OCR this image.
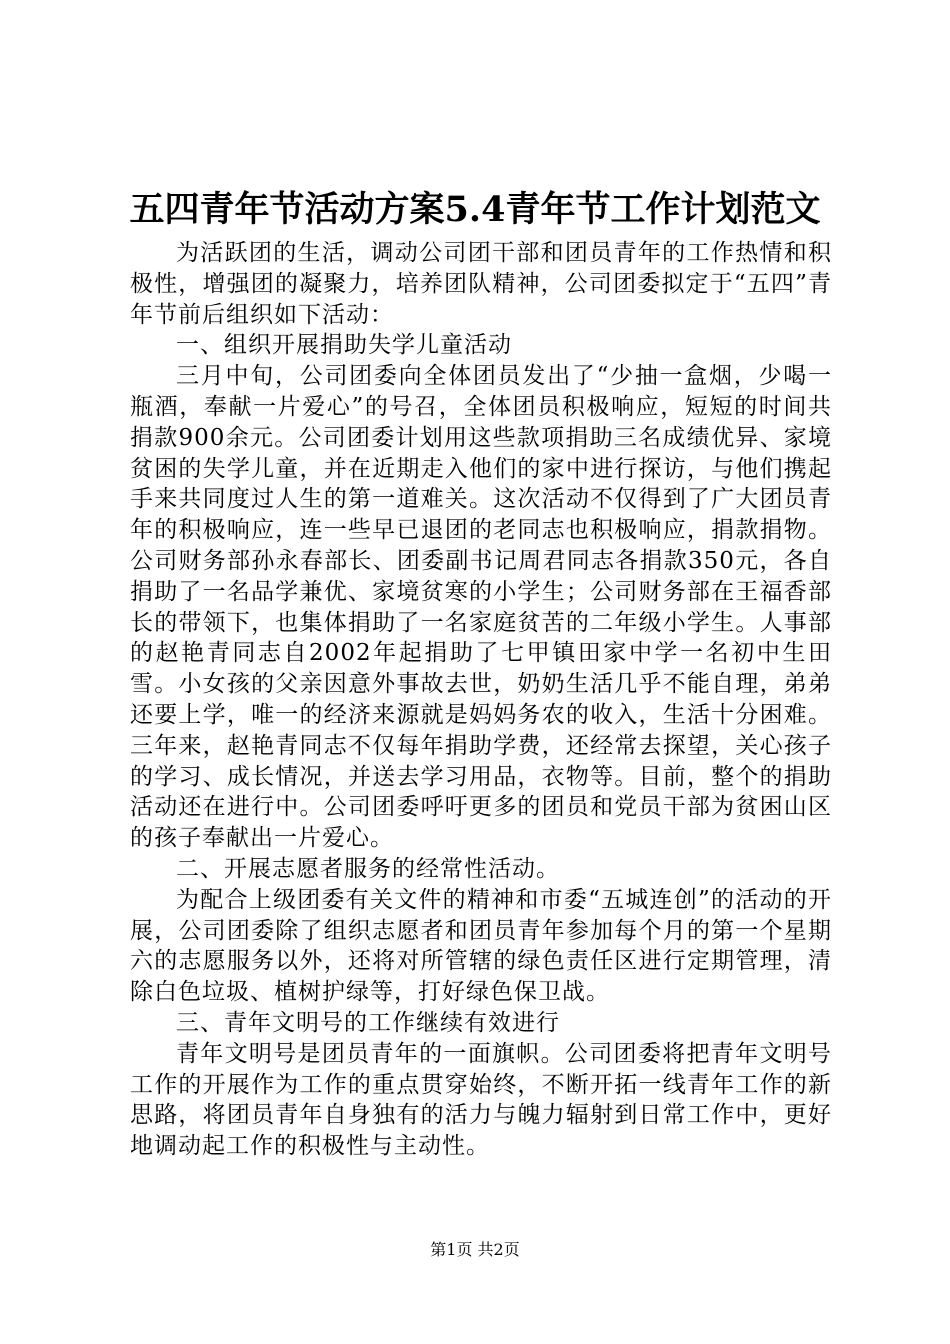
五四青年节活动方案5.4青年节工作计划范文

为活跃团的生活，调动公司团干部和团员青年的工作热情和积极性，增强团的凝聚力，培养团队精神，公司团委拟定于“五四”青年节前后组织如下活动：

一、组织开展捐助失学儿童活动

三月中旬，公司团委向全体团员发出了“少抽一盒烟，少喝一瓶酒，奉献一片爱心”的号召，全体团员积极响应，短短的时间共捐款900余元。公司团委计划用这些款项捐助三名成绩优异、家境贫困的失学儿童，并在近期走入他们的家中进行探访，与他们携起手来共同度过人生的第一道难关。这次活动不仅得到了广大团员青年的积极响应，连一些早已退团的老同志也积极响应，捐款捐物。公司财务部孙永春部长、团委副书记周君同志各捐款350元，各自捐助了一名品学兼优、家境贫寒的小学生；公司财务部在王福香部长的带领下，也集体捐助了一名家庭贫苦的二年级小学生。人事部的赵艳青同志自2002年起捐助了七甲镇田家中学一名初中生田雪。小女孩的父亲因意外事故去世，奶奶生活几乎不能自理，弟弟还要上学，唯一的经济来源就是妈妈务农的收入，生活十分困难。三年来，赵艳青同志不仅每年捐助学费，还经常去探望，关心孩子的学习、成长情况，并送去学习用品，衣物等。目前，整个的捐助活动还在进行中。公司团委呼吁更多的团员和党员干部为贫困山区的孩子奉献出一片爱心。

二、开展志愿者服务的经常性活动。

为配合上级团委有关文件的精神和市委“五城连创”的活动的开展，公司团委除了组织志愿者和团员青年参加每个月的第一个星期六的志愿服务以外，还将对所管辖的绿色责任区进行定期管理，清除白色垃圾、植树护绿等，打好绿色保卫战。

三、青年文明号的工作继续有效进行

青年文明号是团员青年的一面旗帜。公司团委将把青年文明号工作的开展作为工作的重点贯穿始终，不断开拓一线青年工作的新思路，将团员青年自身独有的活力与魄力辐射到日常工作中，更好地调动起工作的积极性与主动性。

第1页 共2页
